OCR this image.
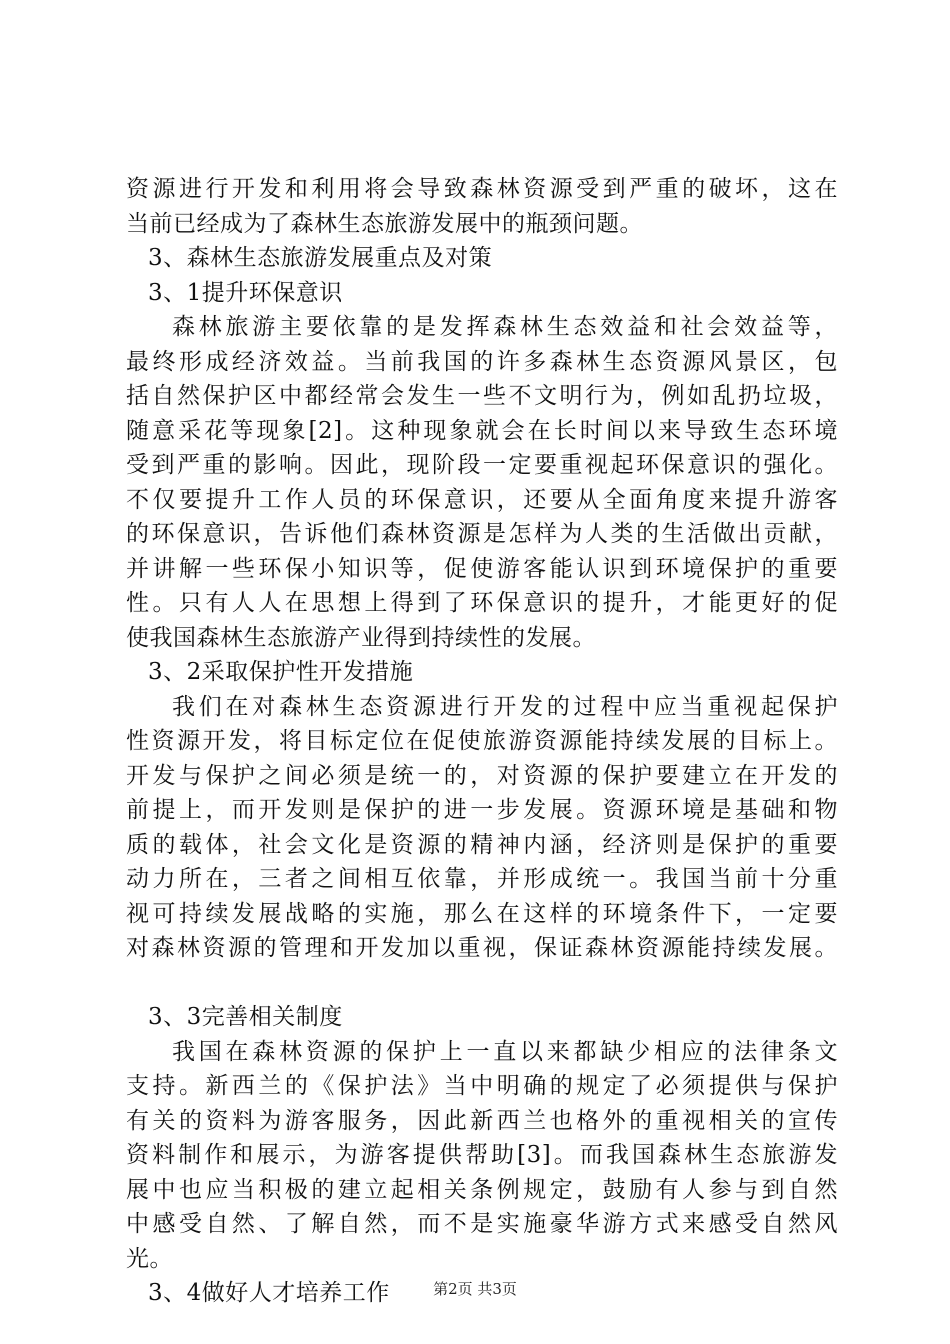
资源进行开发和利用将会导致森林资源受到严重的破坏，这在
当前已经成为了森林生态旅游发展中的瓶颈问题。
3、森林生态旅游发展重点及对策
3、1提升环保意识
森林旅游主要依靠的是发挥森林生态效益和社会效益等，
最终形成经济效益。当前我国的许多森林生态资源风景区，包
括自然保护区中都经常会发生一些不文明行为，例如乱扔垃圾，
随意采花等现象[2]。这种现象就会在长时间以来导致生态环境
受到严重的影响。因此，现阶段一定要重视起环保意识的强化。
不仅要提升工作人员的环保意识，还要从全面角度来提升游客
的环保意识，告诉他们森林资源是怎样为人类的生活做出贡献，
并讲解一些环保小知识等，促使游客能认识到环境保护的重要
性。只有人人在思想上得到了环保意识的提升，才能更好的促
使我国森林生态旅游产业得到持续性的发展。
3、2采取保护性开发措施
我们在对森林生态资源进行开发的过程中应当重视起保护
性资源开发，将目标定位在促使旅游资源能持续发展的目标上。
开发与保护之间必须是统一的，对资源的保护要建立在开发的
前提上，而开发则是保护的进一步发展。资源环境是基础和物
质的载体，社会文化是资源的精神内涵，经济则是保护的重要
动力所在，三者之间相互依靠，并形成统一。我国当前十分重
视可持续发展战略的实施，那么在这样的环境条件下，一定要
对森林资源的管理和开发加以重视，保证森林资源能持续发展。
3、3完善相关制度
我国在森林资源的保护上一直以来都缺少相应的法律条文
支持。新西兰的《保护法》当中明确的规定了必须提供与保护
有关的资料为游客服务，因此新西兰也格外的重视相关的宣传
资料制作和展示，为游客提供帮助[3]。而我国森林生态旅游发
展中也应当积极的建立起相关条例规定，鼓励有人参与到自然
中感受自然、了解自然，而不是实施豪华游方式来感受自然风
光。
3、4做好人才培养工作	第2页 共3页
